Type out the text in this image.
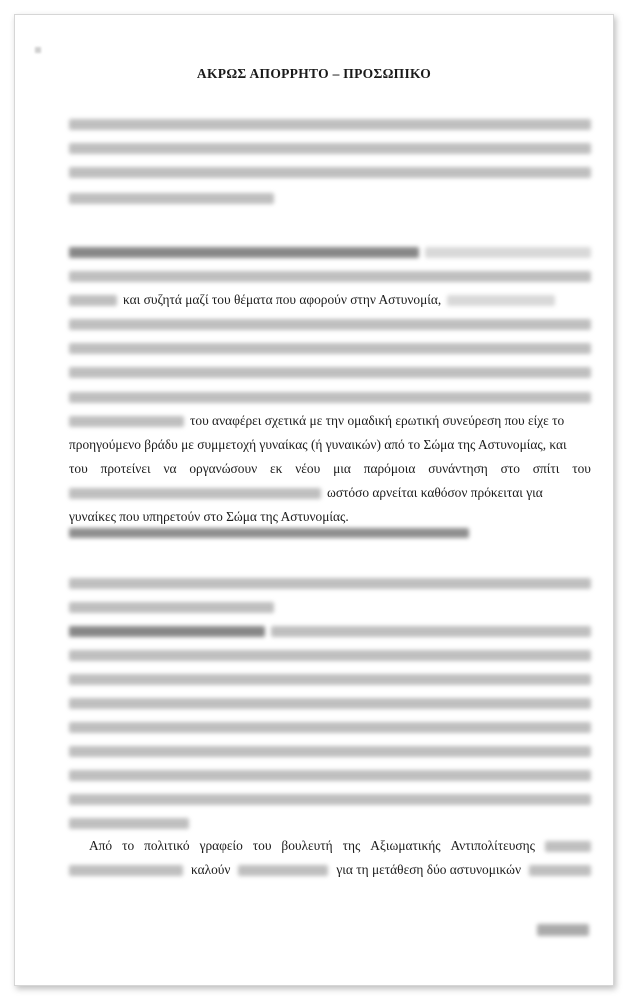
ΑΚΡΩΣ ΑΠΟΡΡΗΤΟ – ΠΡΟΣΩΠΙΚΟ
και συζητά μαζί του θέματα που αφορούν στην Αστυνομία,
του αναφέρει σχετικά με την ομαδική ερωτική συνεύρεση που είχε το
προηγούμενο βράδυ με συμμετοχή γυναίκας (ή γυναικών) από το Σώμα της Αστυνομίας, και
του προτείνει να οργανώσουν εκ νέου μια παρόμοια συνάντηση στο σπίτι του
ωστόσο αρνείται καθόσον πρόκειται για
γυναίκες που υπηρετούν στο Σώμα της Αστυνομίας.
Από το πολιτικό γραφείο του βουλευτή της Αξιωματικής Αντιπολίτευσης
καλούν	για τη μετάθεση δύο αστυνομικών
